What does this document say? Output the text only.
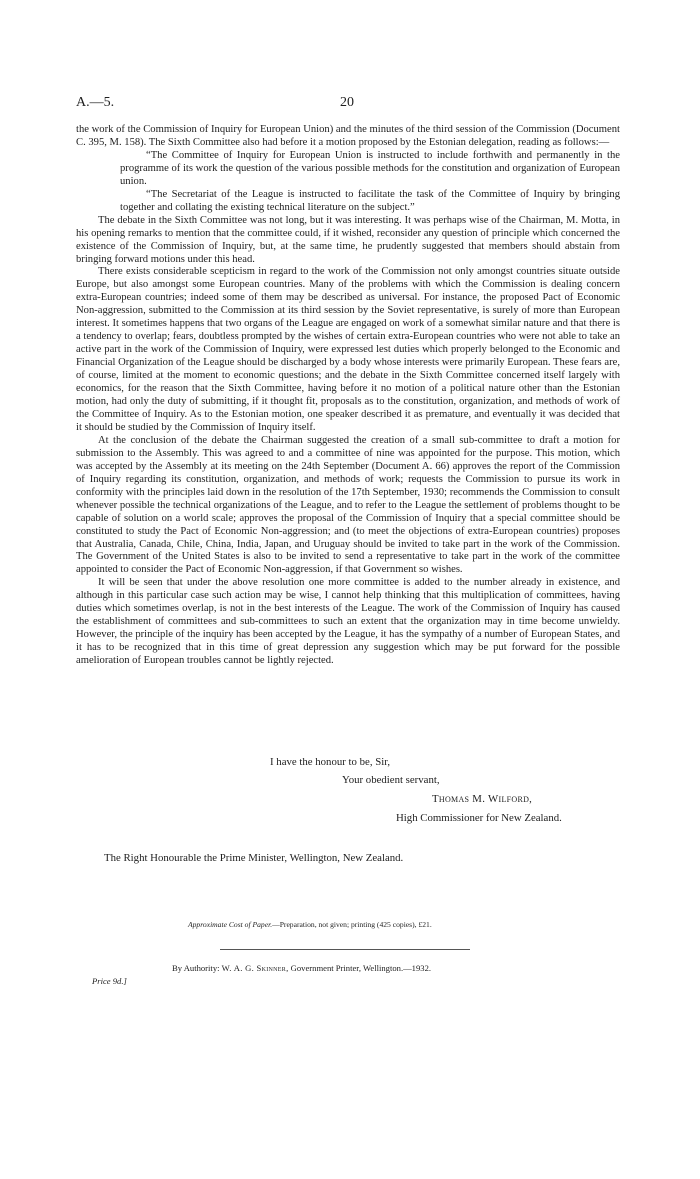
A.—5.	20

the work of the Commission of Inquiry for European Union) and the minutes of the third session of the Commission (Document C. 395, M. 158). The Sixth Committee also had before it a motion proposed by the Estonian delegation, reading as follows:—

“The Committee of Inquiry for European Union is instructed to include forthwith and permanently in the programme of its work the question of the various possible methods for the constitution and organization of European union.

“The Secretariat of the League is instructed to facilitate the task of the Committee of Inquiry by bringing together and collating the existing technical literature on the subject.”

The debate in the Sixth Committee was not long, but it was interesting. It was perhaps wise of the Chairman, M. Motta, in his opening remarks to mention that the committee could, if it wished, reconsider any question of principle which concerned the existence of the Commission of Inquiry, but, at the same time, he prudently suggested that members should abstain from bringing forward motions under this head.

There exists considerable scepticism in regard to the work of the Commission not only amongst countries situate outside Europe, but also amongst some European countries. Many of the problems with which the Commission is dealing concern extra-European countries; indeed some of them may be described as universal. For instance, the proposed Pact of Economic Non-aggression, submitted to the Commission at its third session by the Soviet representative, is surely of more than European interest. It sometimes happens that two organs of the League are engaged on work of a somewhat similar nature and that there is a tendency to overlap; fears, doubtless prompted by the wishes of certain extra-European countries who were not able to take an active part in the work of the Commission of Inquiry, were expressed lest duties which properly belonged to the Economic and Financial Organization of the League should be discharged by a body whose interests were primarily European. These fears are, of course, limited at the moment to economic questions; and the debate in the Sixth Committee concerned itself largely with economics, for the reason that the Sixth Committee, having before it no motion of a political nature other than the Estonian motion, had only the duty of submitting, if it thought fit, proposals as to the constitution, organization, and methods of work of the Committee of Inquiry. As to the Estonian motion, one speaker described it as premature, and eventually it was decided that it should be studied by the Commission of Inquiry itself.

At the conclusion of the debate the Chairman suggested the creation of a small sub-committee to draft a motion for submission to the Assembly. This was agreed to and a committee of nine was appointed for the purpose. This motion, which was accepted by the Assembly at its meeting on the 24th September (Document A. 66) approves the report of the Commission of Inquiry regarding its constitution, organization, and methods of work; requests the Commission to pursue its work in conformity with the principles laid down in the resolution of the 17th September, 1930; recommends the Commission to consult whenever possible the technical organizations of the League, and to refer to the League the settlement of problems thought to be capable of solution on a world scale; approves the proposal of the Commission of Inquiry that a special committee should be constituted to study the Pact of Economic Non-aggression; and (to meet the objections of extra-European countries) proposes that Australia, Canada, Chile, China, India, Japan, and Uruguay should be invited to take part in the work of the Commission. The Government of the United States is also to be invited to send a representative to take part in the work of the committee appointed to consider the Pact of Economic Non-aggression, if that Government so wishes.

It will be seen that under the above resolution one more committee is added to the number already in existence, and although in this particular case such action may be wise, I cannot help thinking that this multiplication of committees, having duties which sometimes overlap, is not in the best interests of the League. The work of the Commission of Inquiry has caused the establishment of committees and sub-committees to such an extent that the organization may in time become unwieldy. However, the principle of the inquiry has been accepted by the League, it has the sympathy of a number of European States, and it has to be recognized that in this time of great depression any suggestion which may be put forward for the possible amelioration of European troubles cannot be lightly rejected.

I have the honour to be, Sir,
Your obedient servant,
Thomas M. Wilford,
High Commissioner for New Zealand.
The Right Honourable the Prime Minister, Wellington, New Zealand.
Approximate Cost of Paper.—Preparation, not given; printing (425 copies), £21.
By Authority: W. A. G. Skinner, Government Printer, Wellington.—1932.
Price 9d.]
